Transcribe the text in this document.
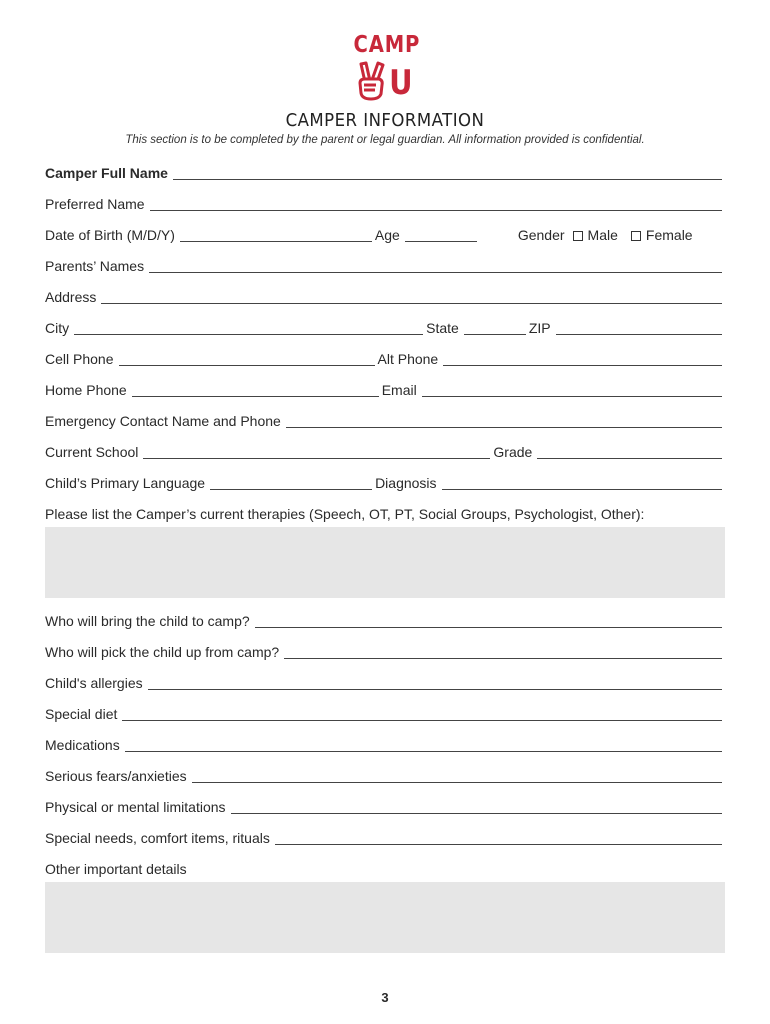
CAMP
U
CAMPER INFORMATION
This section is to be completed by the parent or legal guardian. All information provided is confidential.
Camper Full Name
Preferred Name
Date of Birth (M/D/Y)	Age	Gender Male Female
Parents’ Names
Address
City	State	ZIP
Cell Phone	Alt Phone
Home Phone	Email
Emergency Contact Name and Phone
Current School	Grade
Child’s Primary Language	Diagnosis
Please list the Camper’s current therapies (Speech, OT, PT, Social Groups, Psychologist, Other):
Who will bring the child to camp?
Who will pick the child up from camp?
Child's allergies
Special diet
Medications
Serious fears/anxieties
Physical or mental limitations
Special needs, comfort items, rituals
Other important details
3
